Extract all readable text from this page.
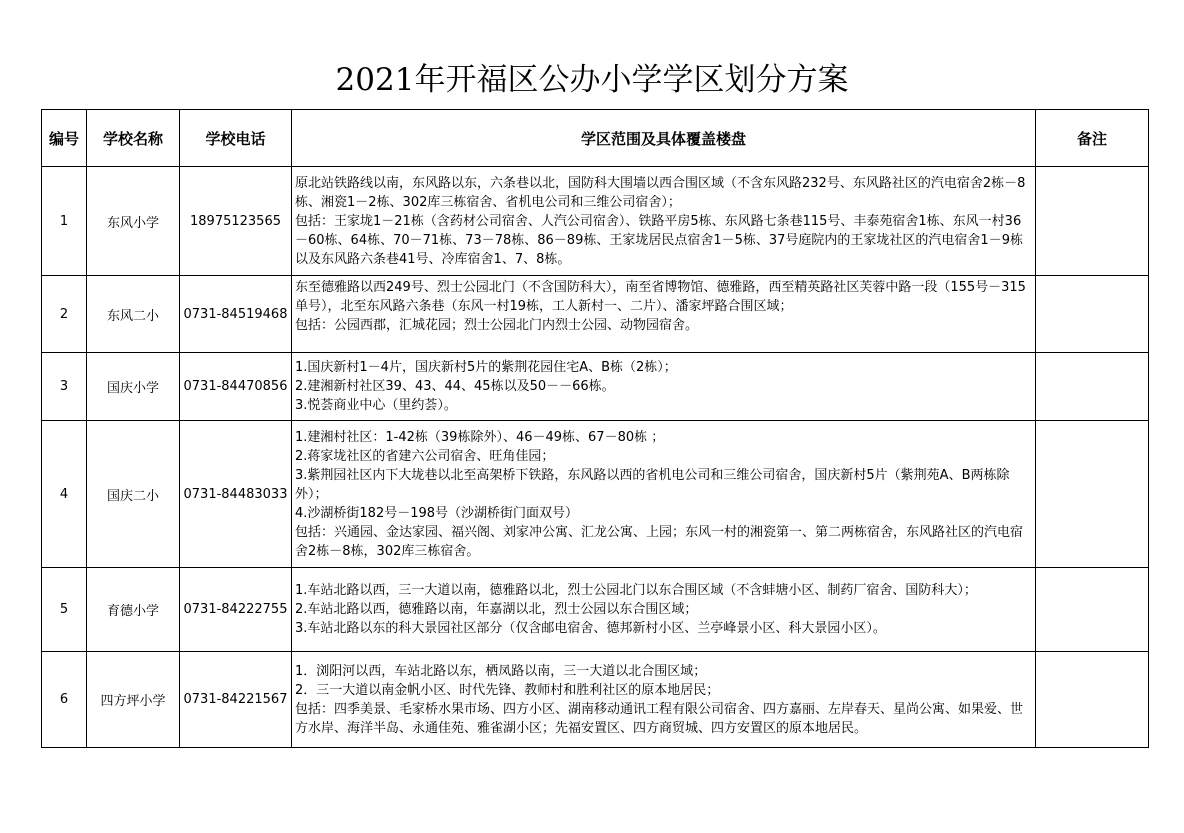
2021年开福区公办小学学区划分方案
编号	学校名称	学校电话	学区范围及具体覆盖楼盘	备注
1	东风小学	18975123565	原北站铁路线以南，东风路以东，六条巷以北，国防科大围墙以西合围区域（不含东风路232号、东风路社区的汽电宿舍2栋－8栋、湘瓷1－2栋、302库三栋宿舍、省机电公司和三维公司宿舍）；
包括：王家垅1－21栋（含药材公司宿舍、人汽公司宿舍）、铁路平房5栋、东风路七条巷115号、丰泰苑宿舍1栋、东风一村36－60栋、64栋、70－71栋、73－78栋、86－89栋、王家垅居民点宿舍1－5栋、37号庭院内的王家垅社区的汽电宿舍1－9栋以及东风路六条巷41号、冷库宿舍1、7、8栋。	

2	东风二小	0731-84519468	东至德雅路以西249号、烈士公园北门（不含国防科大），南至省博物馆、德雅路，西至精英路社区芙蓉中路一段（155号－315单号），北至东风路六条巷（东风一村19栋，工人新村一、二片）、潘家坪路合围区域；
包括：公园西郡，汇城花园；烈士公园北门内烈士公园、动物园宿舍。	

3	国庆小学	0731-84470856	1.国庆新村1－4片，国庆新村5片的紫荆花园住宅A、B栋（2栋）；
2.建湘新村社区39、43、44、45栋以及50－－66栋。
3.悦荟商业中心（里约荟）。	

4	国庆二小	0731-84483033	1.建湘村社区：1-42栋（39栋除外）、46－49栋、67－80栋 ；
2.蒋家垅社区的省建六公司宿舍、旺角佳园；
3.紫荆园社区内下大垅巷以北至高架桥下铁路，东风路以西的省机电公司和三维公司宿舍，国庆新村5片（紫荆苑A、B两栋除外）；
4.沙湖桥街182号－198号（沙湖桥街门面双号）
包括：兴通园、金达家园、福兴阁、刘家冲公寓、汇龙公寓、上园；东风一村的湘瓷第一、第二两栋宿舍，东风路社区的汽电宿舍2栋－8栋，302库三栋宿舍。	

5	育德小学	0731-84222755	1.车站北路以西，三一大道以南，德雅路以北，烈士公园北门以东合围区域（不含蚌塘小区、制药厂宿舍、国防科大）；
2.车站北路以西，德雅路以南，年嘉湖以北，烈士公园以东合围区域；
3.车站北路以东的科大景园社区部分（仅含邮电宿舍、德邦新村小区、兰亭峰景小区、科大景园小区）。	

6	四方坪小学	0731-84221567	1．浏阳河以西，车站北路以东，栖凤路以南，三一大道以北合围区域；
2．三一大道以南金帆小区、时代先锋、教师村和胜利社区的原本地居民；
包括：四季美景、毛家桥水果市场、四方小区、湖南移动通讯工程有限公司宿舍、四方嘉丽、左岸春天、星尚公寓、如果爱、世方水岸、海洋半岛、永通佳苑、雅雀湖小区；先福安置区、四方商贸城、四方安置区的原本地居民。	
